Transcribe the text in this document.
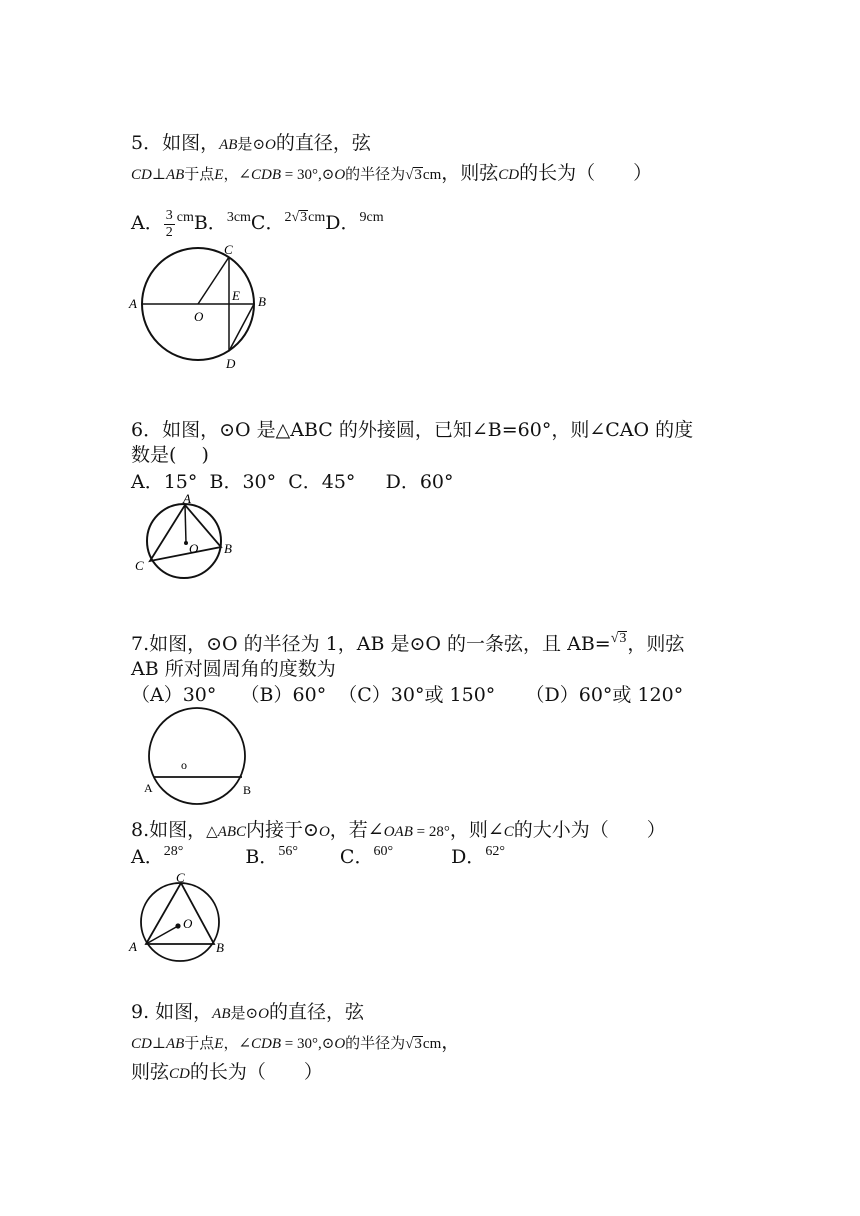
5．如图，AB是⊙O的直径，弦
CD⊥AB于点E，∠CDB = 30°,⊙O的半径为√3cm，则弦CD的长为（　　）
A． $\frac{3}{2} ^{cm}B$．$^{3cm}$C．$^{2√3cm}$D．$^{9cm}$
A	B
C
D
E
O
6．如图，⊙O 是△ABC 的外接圆，已知∠B=60°，则∠CAO 的度
数是(　 )
A．15°  B．30°  C．45°     D．60°
A
B
C
O
7.如图，⊙O 的半径为 1，AB 是⊙O 的一条弦，且 AB=$^{√3}$，则弦
AB 所对圆周角的度数为
（A）30°    （B）60°  （C）30°或 150°     （D）60°或 120°
A	B
o
8.如图，△ABC内接于⊙O，若∠OAB = 28°，则∠C的大小为（　　）
A．$^{28^\circ}$	B．$^{56^\circ}$ C．$^{60^\circ}$	D．$^{62^\circ}$
C
A	B
O
9. 如图，AB是⊙O的直径，弦
CD⊥AB于点E，∠CDB = 30°,⊙O的半径为√3cm，
则弦CD的长为（　　）
